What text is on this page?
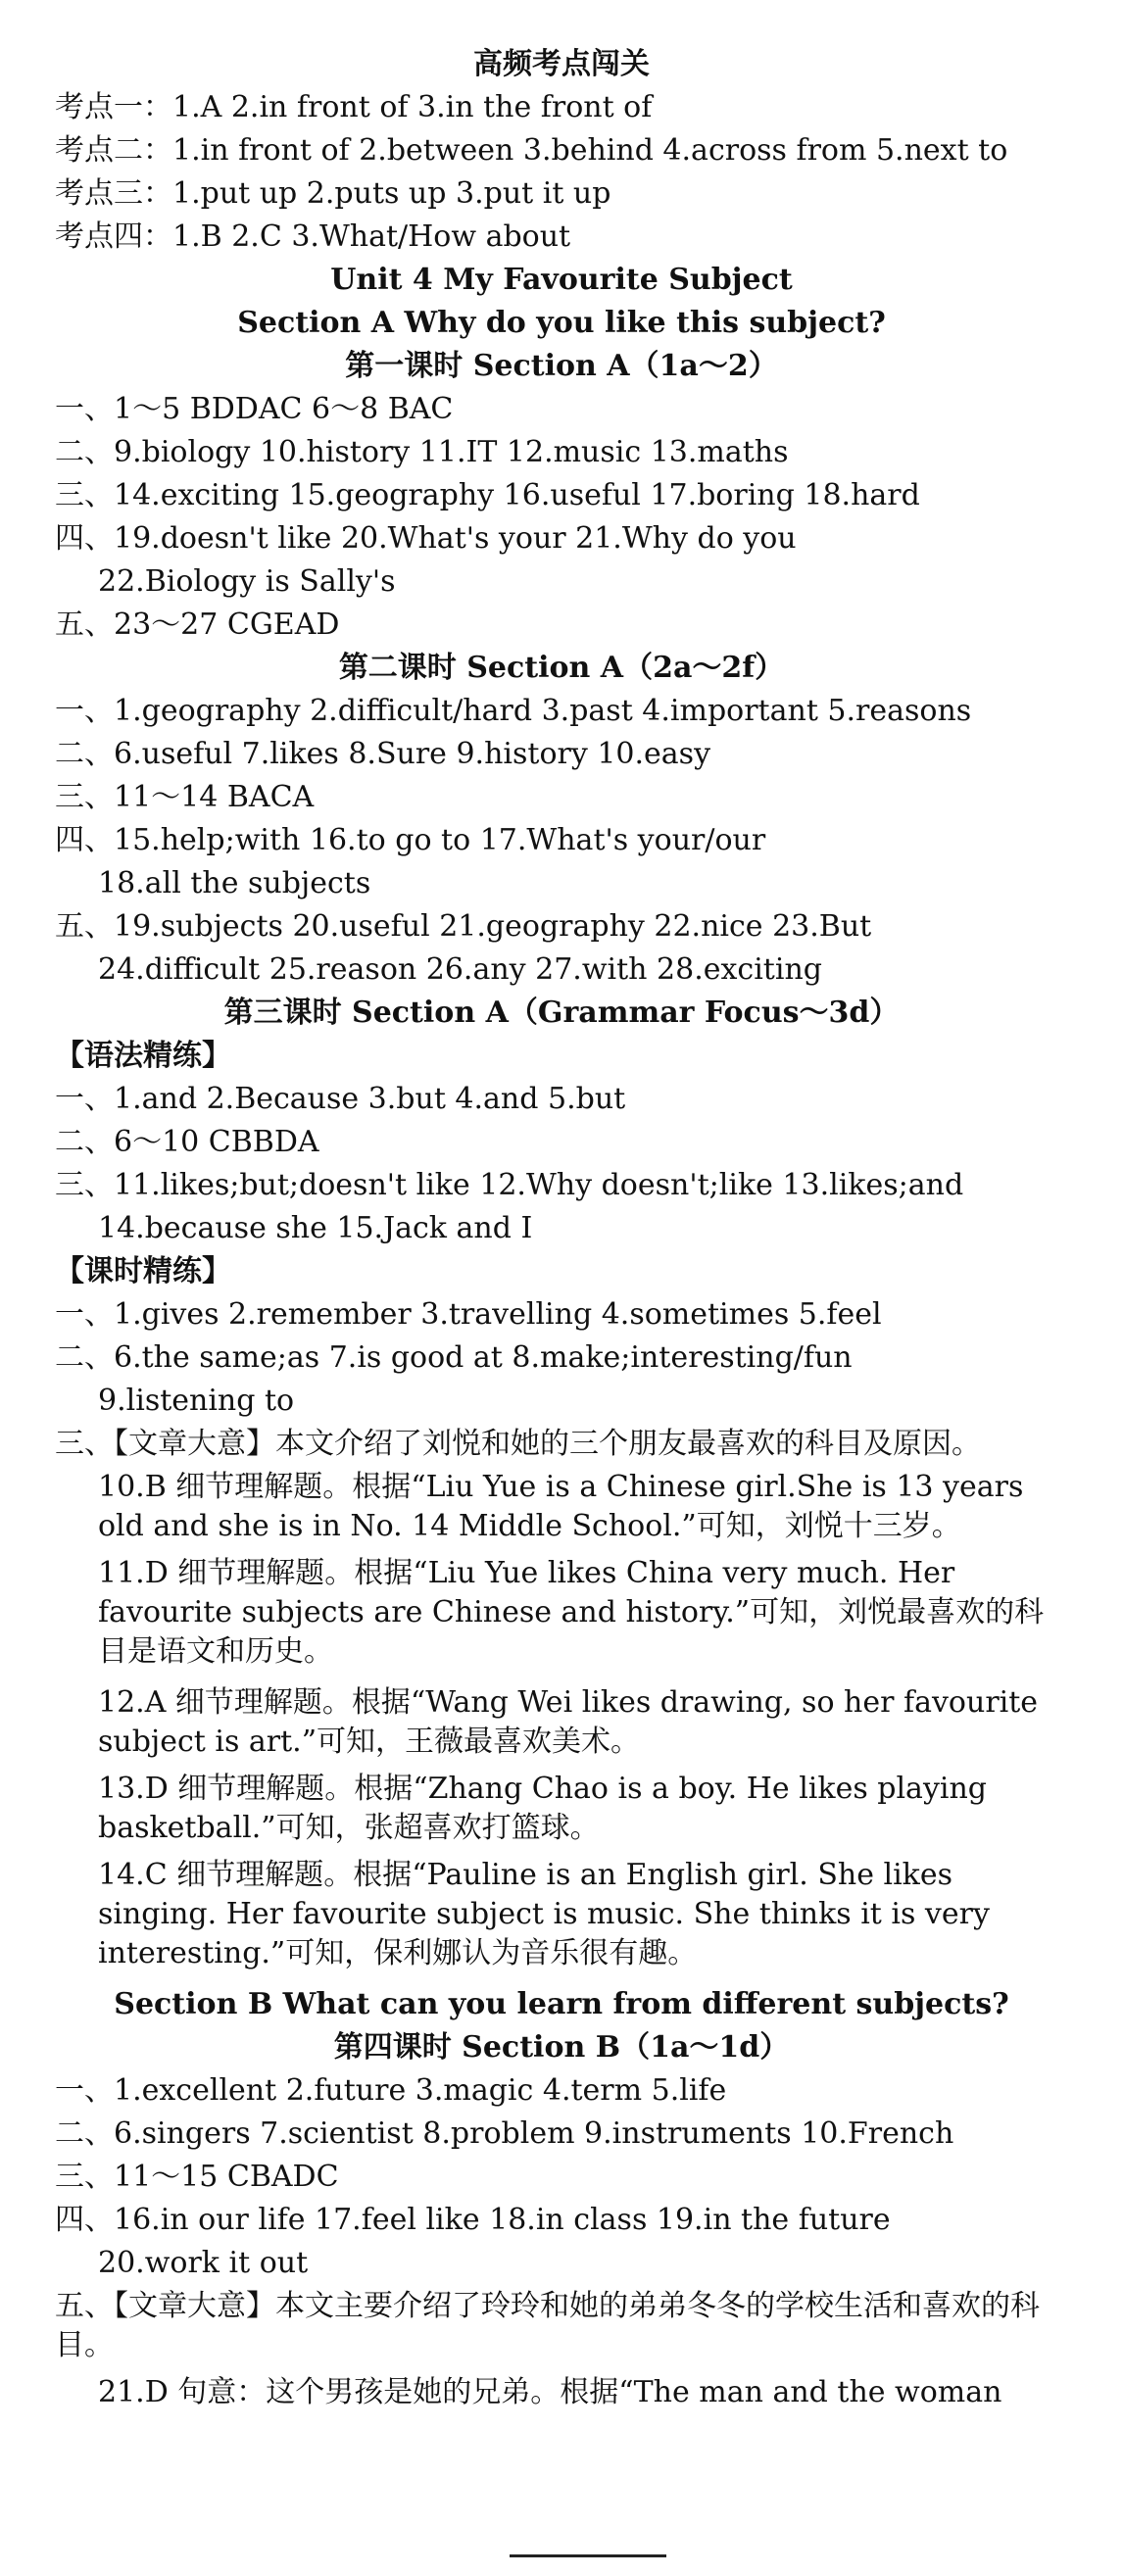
高频考点闯关
考点一：1.A 2.in front of 3.in the front of
考点二：1.in front of 2.between 3.behind 4.across from 5.next to
考点三：1.put up 2.puts up 3.put it up
考点四：1.B 2.C 3.What/How about
Unit 4 My Favourite Subject
Section A Why do you like this subject?
第一课时 Section A（1a～2）
一、1～5 BDDAC 6～8 BAC
二、9.biology 10.history 11.IT 12.music 13.maths
三、14.exciting 15.geography 16.useful 17.boring 18.hard
四、19.doesn't like 20.What's your 21.Why do you
22.Biology is Sally's
五、23～27 CGEAD
第二课时 Section A（2a～2f）
一、1.geography 2.difficult/hard 3.past 4.important 5.reasons
二、6.useful 7.likes 8.Sure 9.history 10.easy
三、11～14 BACA
四、15.help;with 16.to go to 17.What's your/our
18.all the subjects
五、19.subjects 20.useful 21.geography 22.nice 23.But
24.difficult 25.reason 26.any 27.with 28.exciting
第三课时 Section A（Grammar Focus～3d）
【语法精练】
一、1.and 2.Because 3.but 4.and 5.but
二、6～10 CBBDA
三、11.likes;but;doesn't like 12.Why doesn't;like 13.likes;and
14.because she 15.Jack and I
【课时精练】
一、1.gives 2.remember 3.travelling 4.sometimes 5.feel
二、6.the same;as 7.is good at 8.make;interesting/fun
9.listening to
三、【文章大意】本文介绍了刘悦和她的三个朋友最喜欢的科目及原因。
10.B 细节理解题。根据“Liu Yue is a Chinese girl.She is 13 years old and she is in No. 14 Middle School.”可知，刘悦十三岁。
11.D 细节理解题。根据“Liu Yue likes China very much. Her favourite subjects are Chinese and history.”可知，刘悦最喜欢的科目是语文和历史。
12.A 细节理解题。根据“Wang Wei likes drawing, so her favourite subject is art.”可知，王薇最喜欢美术。
13.D 细节理解题。根据“Zhang Chao is a boy. He likes playing basketball.”可知，张超喜欢打篮球。
14.C 细节理解题。根据“Pauline is an English girl. She likes singing. Her favourite subject is music. She thinks it is very interesting.”可知，保利娜认为音乐很有趣。
Section B What can you learn from different subjects?
第四课时 Section B（1a～1d）
一、1.excellent 2.future 3.magic 4.term 5.life
二、6.singers 7.scientist 8.problem 9.instruments 10.French
三、11～15 CBADC
四、16.in our life 17.feel like 18.in class 19.in the future
20.work it out
五、【文章大意】本文主要介绍了玲玲和她的弟弟冬冬的学校生活和喜欢的科目。
21.D 句意：这个男孩是她的兄弟。根据“The man and the woman
